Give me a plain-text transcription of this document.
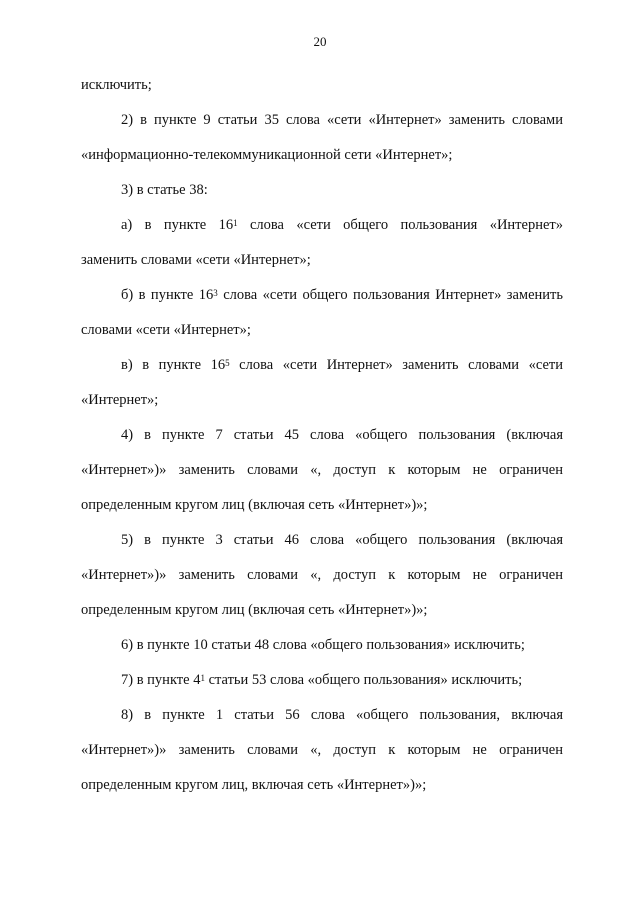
20
исключить;
2) в пункте 9 статьи 35 слова «сети «Интернет» заменить словами
«информационно-телекоммуникационной сети «Интернет»;
3) в статье 38:
а) в пункте $16^1$ слова «сети общего пользования «Интернет»
заменить словами «сети «Интернет»;
б) в пункте $16^3$ слова «сети общего пользования Интернет» заменить
словами «сети «Интернет»;
в) в пункте $16^5$ слова «сети Интернет» заменить словами «сети
«Интернет»;
4) в пункте 7 статьи 45 слова «общего пользования (включая
«Интернет»)» заменить словами «, доступ к которым не ограничен
определенным кругом лиц (включая сеть «Интернет»)»;
5) в пункте 3 статьи 46 слова «общего пользования (включая
«Интернет»)» заменить словами «, доступ к которым не ограничен
определенным кругом лиц (включая сеть «Интернет»)»;
6) в пункте 10 статьи 48 слова «общего пользования» исключить;
7) в пункте $4^1$ статьи 53 слова «общего пользования» исключить;
8) в пункте 1 статьи 56 слова «общего пользования, включая
«Интернет»)» заменить словами «, доступ к которым не ограничен
определенным кругом лиц, включая сеть «Интернет»)»;
